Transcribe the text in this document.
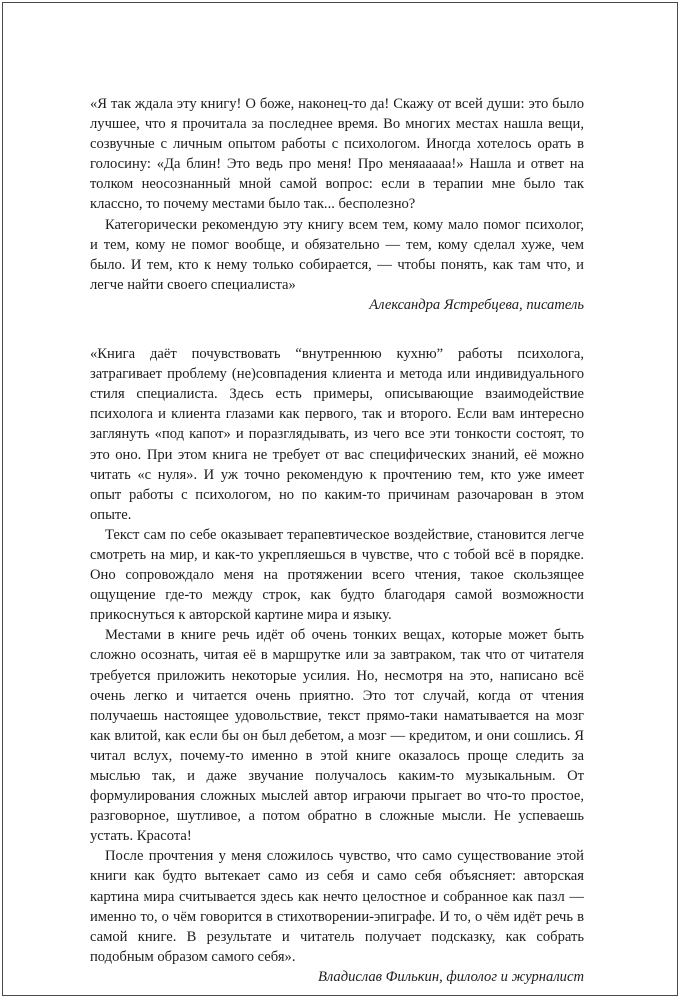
«Я так ждала эту книгу! О боже, наконец-то да! Скажу от всей души: это было лучшее, что я прочитала за последнее время. Во многих местах нашла вещи, созвучные с личным опытом работы с психологом. Иногда хотелось орать в голосину: «Да блин! Это ведь про меня! Про меняааааа!» Нашла и ответ на толком неосознанный мной самой вопрос: если в терапии мне было так классно, то почему местами было так... бесполезно?

Категорически рекомендую эту книгу всем тем, кому мало помог психолог, и тем, кому не помог вообще, и обязательно — тем, кому сделал хуже, чем было. И тем, кто к нему только собирается, — чтобы понять, как там что, и легче найти своего специалиста»

Александра Ястребцева, писатель

«Книга даёт почувствовать “внутреннюю кухню” работы психолога, затрагивает проблему (не)совпадения клиента и метода или индивидуального стиля специалиста. Здесь есть примеры, описывающие взаимодействие психолога и клиента глазами как первого, так и второго. Если вам интересно заглянуть «под капот» и поразглядывать, из чего все эти тонкости состоят, то это оно. При этом книга не требует от вас специфических знаний, её можно читать «с нуля». И уж точно рекомендую к прочтению тем, кто уже имеет опыт работы с психологом, но по каким-то причинам разочарован в этом опыте.

Текст сам по себе оказывает терапевтическое воздействие, становится легче смотреть на мир, и как-то укрепляешься в чувстве, что с тобой всё в порядке. Оно сопровождало меня на протяжении всего чтения, такое скользящее ощущение где-то между строк, как будто благодаря самой возможности прикоснуться к авторской картине мира и языку.

Местами в книге речь идёт об очень тонких вещах, которые может быть сложно осознать, читая её в маршрутке или за завтраком, так что от читателя требуется приложить некоторые усилия. Но, несмотря на это, написано всё очень легко и читается очень приятно. Это тот случай, когда от чтения получаешь настоящее удовольствие, текст прямо-таки наматывается на мозг как влитой, как если бы он был дебетом, а мозг — кредитом, и они сошлись. Я читал вслух, почему-то именно в этой книге оказалось проще следить за мыслью так, и даже звучание получалось каким-то музыкальным. От формулирования сложных мыслей автор играючи прыгает во что-то простое, разговорное, шутливое, а потом обратно в сложные мысли. Не успеваешь устать. Красота!

После прочтения у меня сложилось чувство, что само существование этой книги как будто вытекает само из себя и само себя объясняет: авторская картина мира считывается здесь как нечто целостное и собранное как пазл — именно то, о чём говорится в стихотворении-эпиграфе. И то, о чём идёт речь в самой книге. В результате и читатель получает подсказку, как собрать подобным образом самого себя».

Владислав Филькин, филолог и журналист
